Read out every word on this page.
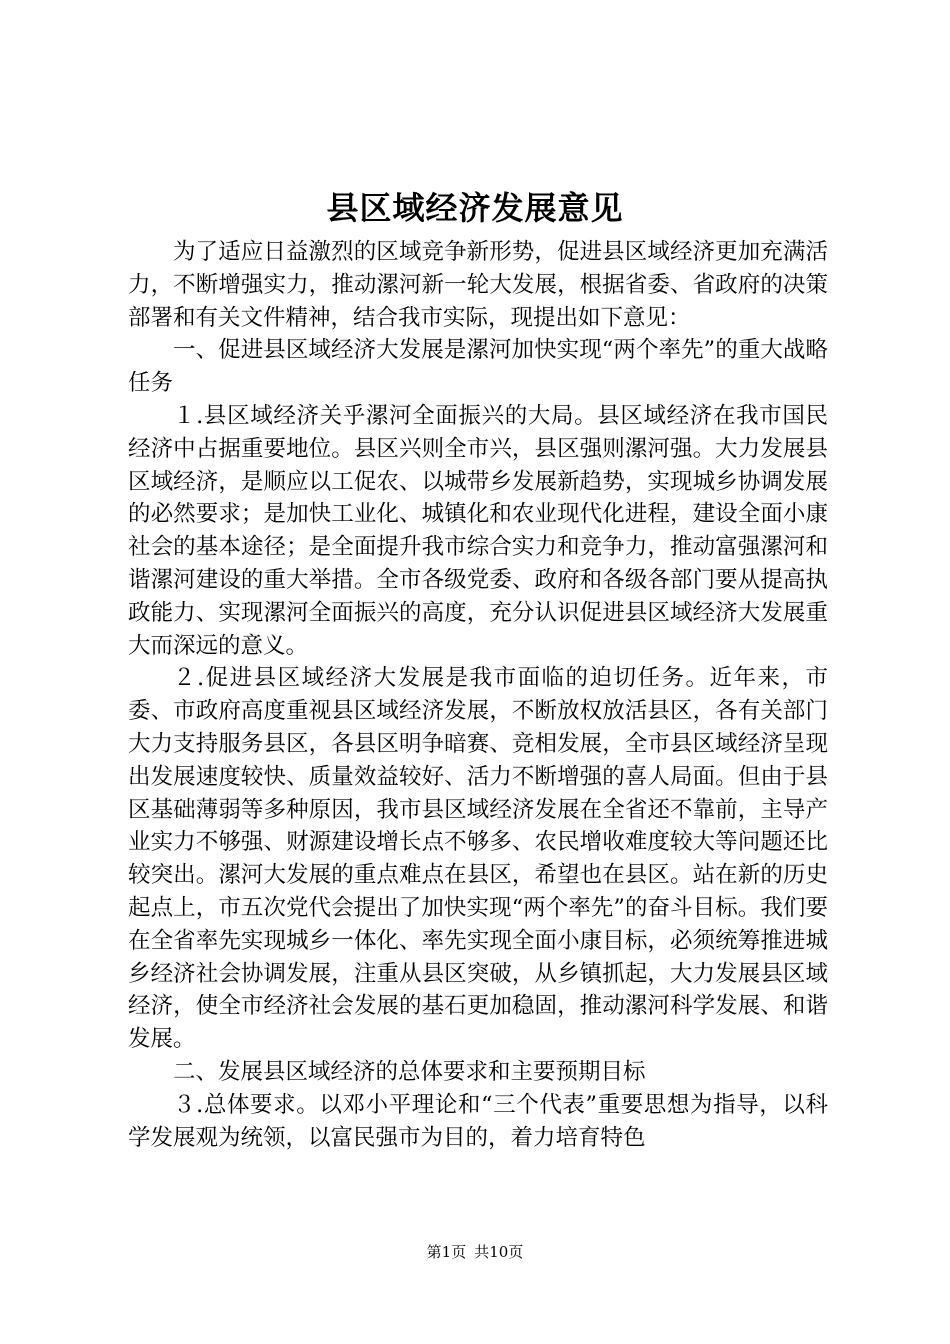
县区域经济发展意见

为了适应日益激烈的区域竞争新形势，促进县区域经济更加充满活力，不断增强实力，推动漯河新一轮大发展，根据省委、省政府的决策部署和有关文件精神，结合我市实际，现提出如下意见：

一、促进县区域经济大发展是漯河加快实现“两个率先”的重大战略任务

１.县区域经济关乎漯河全面振兴的大局。县区域经济在我市国民经济中占据重要地位。县区兴则全市兴，县区强则漯河强。大力发展县区域经济，是顺应以工促农、以城带乡发展新趋势，实现城乡协调发展的必然要求；是加快工业化、城镇化和农业现代化进程，建设全面小康社会的基本途径；是全面提升我市综合实力和竞争力，推动富强漯河和谐漯河建设的重大举措。全市各级党委、政府和各级各部门要从提高执政能力、实现漯河全面振兴的高度，充分认识促进县区域经济大发展重大而深远的意义。

２.促进县区域经济大发展是我市面临的迫切任务。近年来，市委、市政府高度重视县区域经济发展，不断放权放活县区，各有关部门大力支持服务县区，各县区明争暗赛、竞相发展，全市县区域经济呈现出发展速度较快、质量效益较好、活力不断增强的喜人局面。但由于县区基础薄弱等多种原因，我市县区域经济发展在全省还不靠前，主导产业实力不够强、财源建设增长点不够多、农民增收难度较大等问题还比较突出。漯河大发展的重点难点在县区，希望也在县区。站在新的历史起点上，市五次党代会提出了加快实现“两个率先”的奋斗目标。我们要在全省率先实现城乡一体化、率先实现全面小康目标，必须统筹推进城乡经济社会协调发展，注重从县区突破，从乡镇抓起，大力发展县区域经济，使全市经济社会发展的基石更加稳固，推动漯河科学发展、和谐发展。

二、发展县区域经济的总体要求和主要预期目标

３.总体要求。以邓小平理论和“三个代表”重要思想为指导，以科学发展观为统领，以富民强市为目的，着力培育特色

第1页 共10页
